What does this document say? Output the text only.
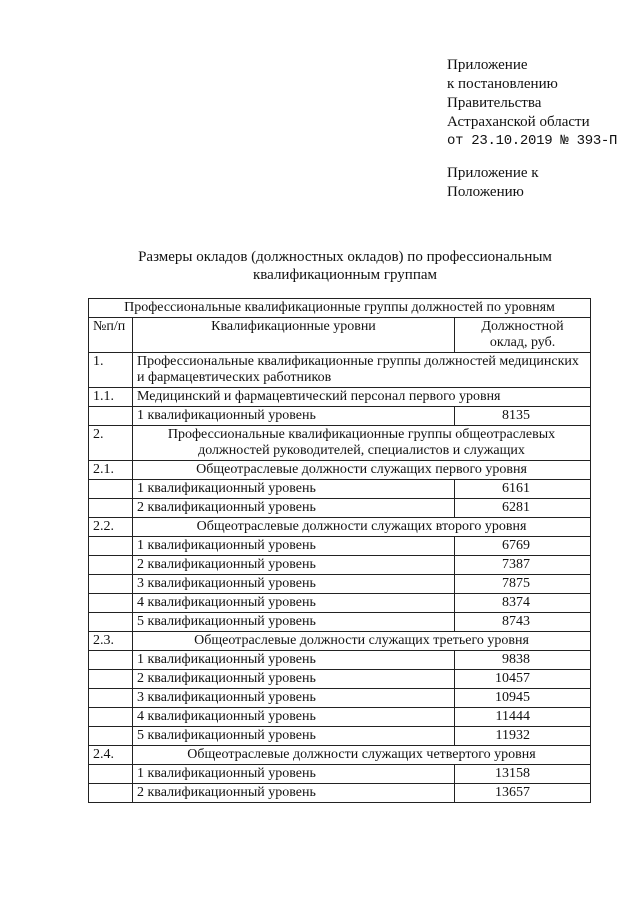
Приложение
к постановлению
Правительства
Астраханской области
от 23.10.2019 № 393-П
Приложение к
Положению
Размеры окладов (должностных окладов) по профессиональным
квалификационным группам
Профессиональные квалификационные группы должностей по уровням		
№п/п	Квалификационные уровни	Должностной
оклад, руб.

1.	Профессиональные квалификационные группы должностей медицинских и фармацевтических работников	
1.1.	Медицинский и фармацевтический персонал первого уровня	
	1 квалификационный уровень	8135
2.	Профессиональные квалификационные группы общеотраслевых должностей руководителей, специалистов и служащих	
2.1.	Общеотраслевые должности служащих первого уровня	
	1 квалификационный уровень	6161
	2 квалификационный уровень	6281
2.2.	Общеотраслевые должности служащих второго уровня	
	1 квалификационный уровень	6769
	2 квалификационный уровень	7387
	3 квалификационный уровень	7875
	4 квалификационный уровень	8374
	5 квалификационный уровень	8743
2.3.	Общеотраслевые должности служащих третьего уровня	
	1 квалификационный уровень	9838
	2 квалификационный уровень	10457
	3 квалификационный уровень	10945
	4 квалификационный уровень	11444
	5 квалификационный уровень	11932
2.4.	Общеотраслевые должности служащих четвертого уровня	
	1 квалификационный уровень	13158
	2 квалификационный уровень	13657
